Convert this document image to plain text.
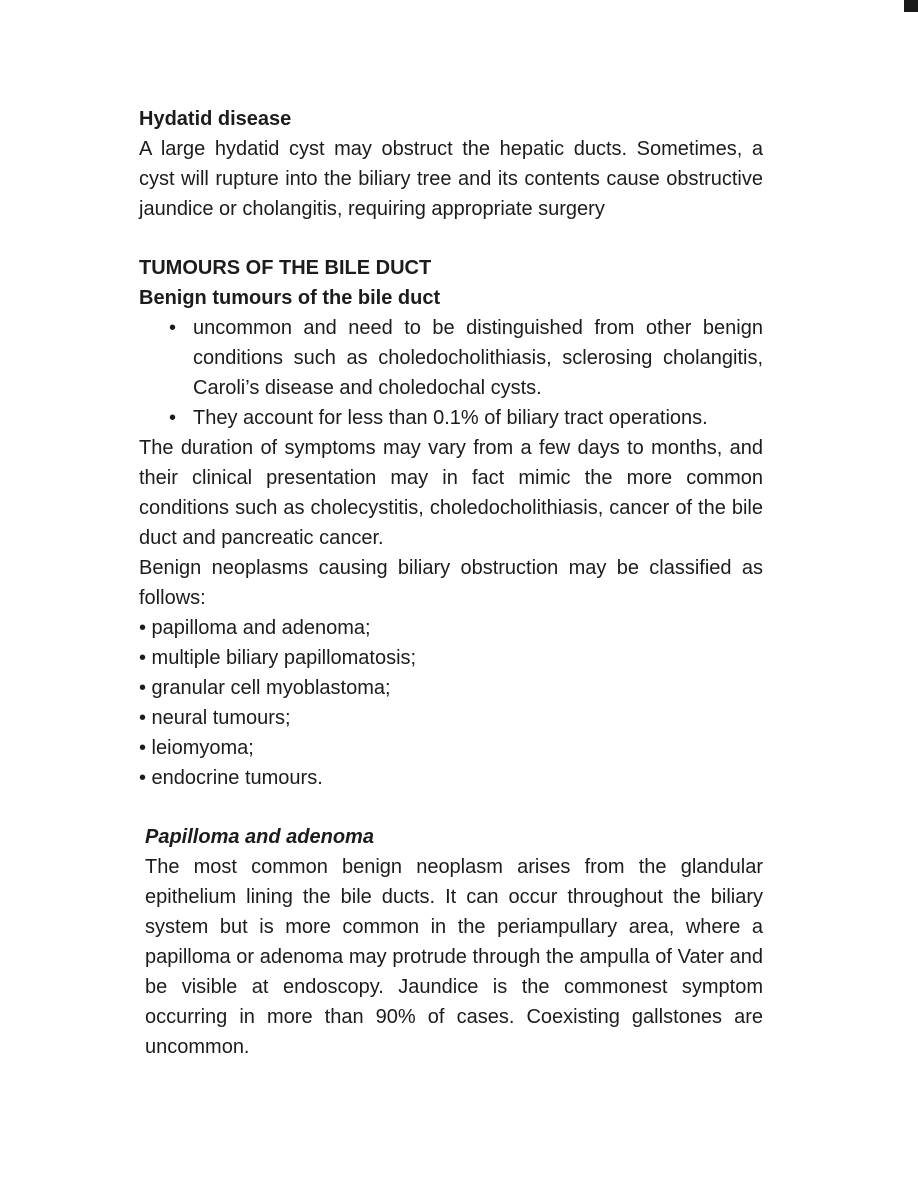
Hydatid disease

A large hydatid cyst may obstruct the hepatic ducts. Sometimes, a cyst will rupture into the biliary tree and its contents cause obstructive jaundice or cholangitis, requiring appropriate surgery

TUMOURS OF THE BILE DUCT
Benign tumours of the bile duct
• uncommon and need to be distinguished from other benign conditions such as choledocholithiasis, sclerosing cholangitis, Caroli’s disease and choledochal cysts.
• They account for less than 0.1% of biliary tract operations.

The duration of symptoms may vary from a few days to months, and their clinical presentation may in fact mimic the more common conditions such as cholecystitis, choledocholithiasis, cancer of the bile duct and pancreatic cancer.

Benign neoplasms causing biliary obstruction may be classified as follows:

• papilloma and adenoma;
• multiple biliary papillomatosis;
• granular cell myoblastoma;
• neural tumours;
• leiomyoma;
• endocrine tumours.
Papilloma and adenoma

The most common benign neoplasm arises from the glandular epithelium lining the bile ducts. It can occur throughout the biliary system but is more common in the periampullary area, where a papilloma or adenoma may protrude through the ampulla of Vater and be visible at endoscopy. Jaundice is the commonest symptom occurring in more than 90% of cases. Coexisting gallstones are uncommon.
